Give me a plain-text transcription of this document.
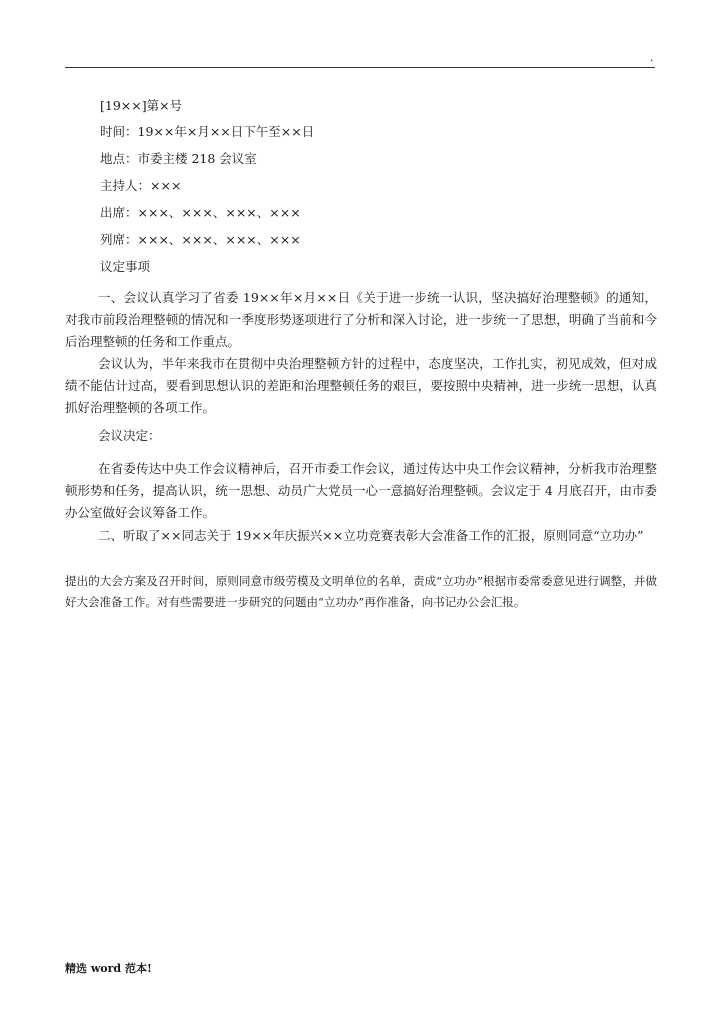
.
[19××]第×号
时间：19××年×月××日下午至××日
地点：市委主楼 218 会议室
主持人：×××
出席：×××、×××、×××、×××
列席：×××、×××、×××、×××
议定事项
一、会议认真学习了省委 19××年×月××日《关于进一步统一认识，坚决搞好治理整顿》的通知，对我市前段治理整顿的情况和一季度形势逐项进行了分析和深入讨论，进一步统一了思想，明确了当前和今后治理整顿的任务和工作重点。
会议认为，半年来我市在贯彻中央治理整顿方针的过程中，态度坚决，工作扎实，初见成效，但对成绩不能估计过高，要看到思想认识的差距和治理整顿任务的艰巨，要按照中央精神，进一步统一思想，认真抓好治理整顿的各项工作。
会议决定：
在省委传达中央工作会议精神后，召开市委工作会议，通过传达中央工作会议精神，分析我市治理整顿形势和任务，提高认识，统一思想、动员广大党员一心一意搞好治理整顿。会议定于 4 月底召开，由市委办公室做好会议筹备工作。
二、听取了××同志关于 19××年庆振兴××立功竞赛表彰大会准备工作的汇报，原则同意“立功办”
提出的大会方案及召开时间，原则同意市级劳模及文明单位的名单，责成“立功办”根据市委常委意见进行调整，并做好大会准备工作。对有些需要进一步研究的问题由“立功办”再作准备，向书记办公会汇报。
精选 word 范本!
